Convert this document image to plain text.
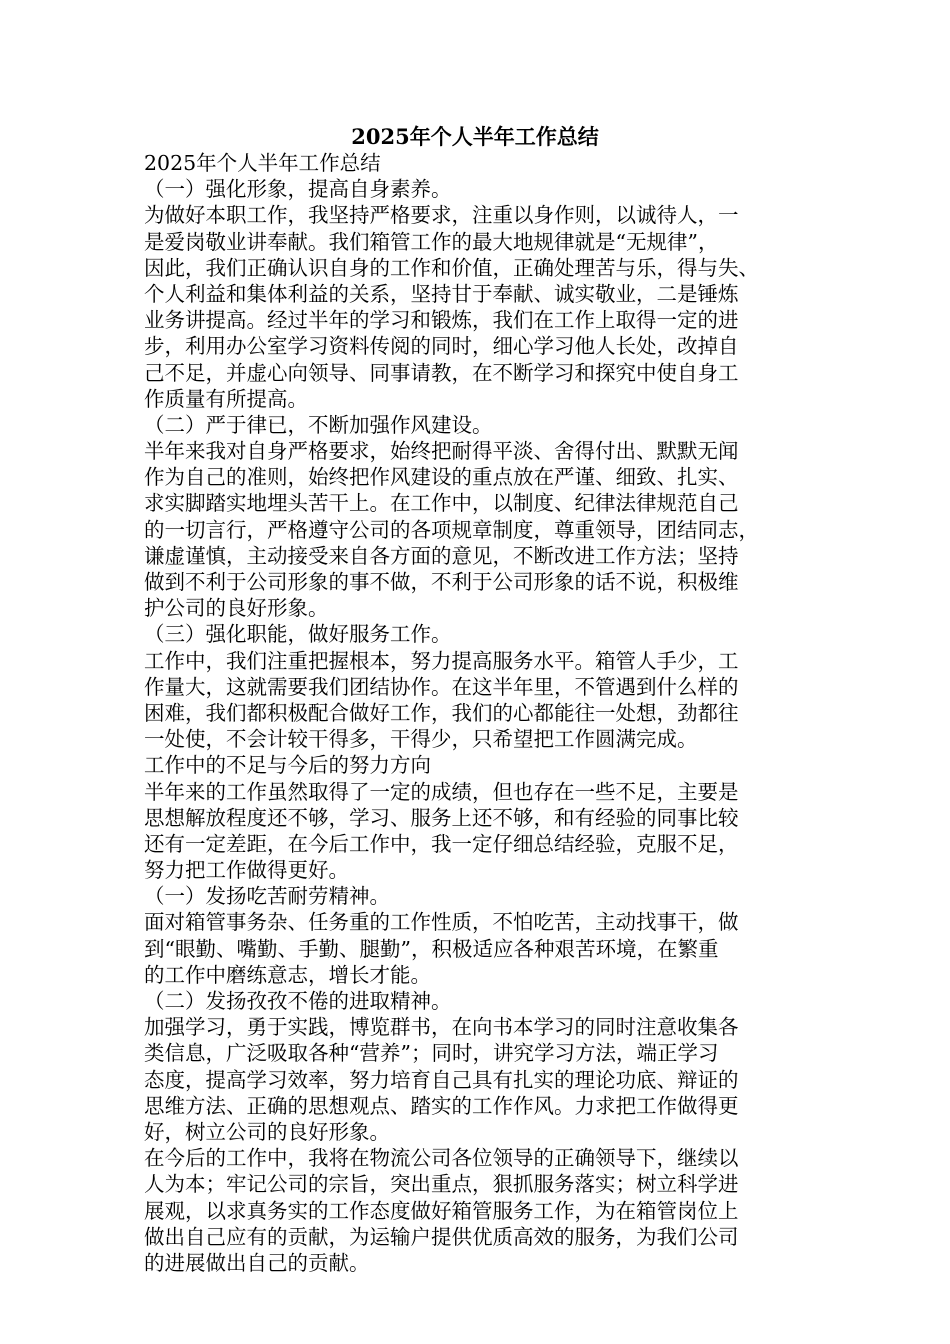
2025年个人半年工作总结
2025年个人半年工作总结
（一）强化形象，提高自身素养。
为做好本职工作，我坚持严格要求，注重以身作则，以诚待人，一
是爱岗敬业讲奉献。我们箱管工作的最大地规律就是“无规律”，
因此，我们正确认识自身的工作和价值，正确处理苦与乐，得与失、
个人利益和集体利益的关系，坚持甘于奉献、诚实敬业，二是锤炼
业务讲提高。经过半年的学习和锻炼，我们在工作上取得一定的进
步，利用办公室学习资料传阅的同时，细心学习他人长处，改掉自
己不足，并虚心向领导、同事请教，在不断学习和探究中使自身工
作质量有所提高。
（二）严于律已，不断加强作风建设。
半年来我对自身严格要求，始终把耐得平淡、舍得付出、默默无闻
作为自己的准则，始终把作风建设的重点放在严谨、细致、扎实、
求实脚踏实地埋头苦干上。在工作中，以制度、纪律法律规范自己
的一切言行，严格遵守公司的各项规章制度，尊重领导，团结同志，
谦虚谨慎，主动接受来自各方面的意见，不断改进工作方法；坚持
做到不利于公司形象的事不做，不利于公司形象的话不说，积极维
护公司的良好形象。
（三）强化职能，做好服务工作。
工作中，我们注重把握根本，努力提高服务水平。箱管人手少，工
作量大，这就需要我们团结协作。在这半年里，不管遇到什么样的
困难，我们都积极配合做好工作，我们的心都能往一处想，劲都往
一处使，不会计较干得多，干得少，只希望把工作圆满完成。
工作中的不足与今后的努力方向
半年来的工作虽然取得了一定的成绩，但也存在一些不足，主要是
思想解放程度还不够，学习、服务上还不够，和有经验的同事比较
还有一定差距，在今后工作中，我一定仔细总结经验，克服不足，
努力把工作做得更好。
（一）发扬吃苦耐劳精神。
面对箱管事务杂、任务重的工作性质，不怕吃苦，主动找事干，做
到“眼勤、嘴勤、手勤、腿勤”，积极适应各种艰苦环境，在繁重
的工作中磨练意志，增长才能。
（二）发扬孜孜不倦的进取精神。
加强学习，勇于实践，博览群书，在向书本学习的同时注意收集各
类信息，广泛吸取各种“营养”；同时，讲究学习方法，端正学习
态度，提高学习效率，努力培育自己具有扎实的理论功底、辩证的
思维方法、正确的思想观点、踏实的工作作风。力求把工作做得更
好，树立公司的良好形象。
在今后的工作中，我将在物流公司各位领导的正确领导下，继续以
人为本；牢记公司的宗旨，突出重点，狠抓服务落实；树立科学进
展观，以求真务实的工作态度做好箱管服务工作，为在箱管岗位上
做出自己应有的贡献，为运输户提供优质高效的服务，为我们公司
的进展做出自己的贡献。
